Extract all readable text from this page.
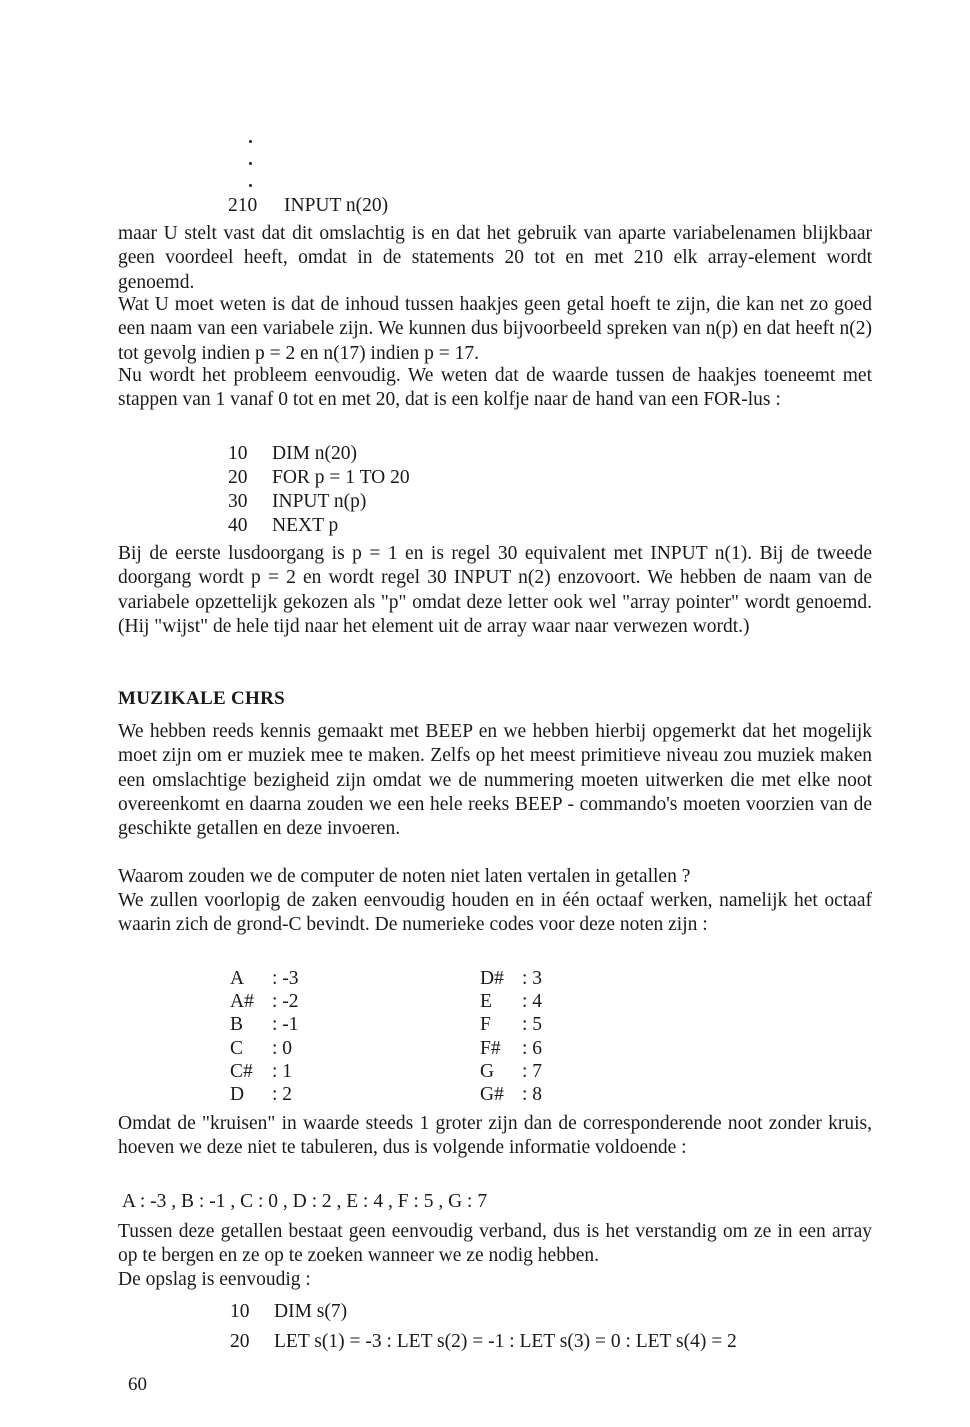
210 INPUT n(20)
maar U stelt vast dat dit omslachtig is en dat het gebruik van aparte variabelenamen blijkbaar geen voordeel heeft, omdat in de statements 20 tot en met 210 elk array-element wordt genoemd.
Wat U moet weten is dat de inhoud tussen haakjes geen getal hoeft te zijn, die kan net zo goed een naam van een variabele zijn. We kunnen dus bijvoorbeeld spreken van n(p) en dat heeft n(2) tot gevolg indien p = 2 en n(17) indien p = 17.
Nu wordt het probleem eenvoudig. We weten dat de waarde tussen de haakjes toeneemt met stappen van 1 vanaf 0 tot en met 20, dat is een kolfje naar de hand van een FOR-lus :
10 DIM n(20)
20 FOR p = 1 TO 20
30 INPUT n(p)
40 NEXT p
Bij de eerste lusdoorgang is p = 1 en is regel 30 equivalent met INPUT n(1). Bij de tweede doorgang wordt p = 2 en wordt regel 30 INPUT n(2) enzovoort. We hebben de naam van de variabele opzettelijk gekozen als "p" omdat deze letter ook wel "array pointer" wordt genoemd. (Hij "wijst" de hele tijd naar het element uit de array waar naar verwezen wordt.)
MUZIKALE CHRS
We hebben reeds kennis gemaakt met BEEP en we hebben hierbij opgemerkt dat het mogelijk moet zijn om er muziek mee te maken. Zelfs op het meest primitieve niveau zou muziek maken een omslachtige bezigheid zijn omdat we de nummering moeten uitwerken die met elke noot overeenkomt en daarna zouden we een hele reeks BEEP - commando's moeten voorzien van de geschikte getallen en deze invoeren.
Waarom zouden we de computer de noten niet laten vertalen in getallen ?
We zullen voorlopig de zaken eenvoudig houden en in één octaaf werken, namelijk het octaaf waarin zich de grond-C bevindt. De numerieke codes voor deze noten zijn :
A : -3
A# : -2
B : -1
C : 0
C# : 1
D : 2
D# : 3
E : 4
F : 5
F# : 6
G : 7
G# : 8
Omdat de "kruisen" in waarde steeds 1 groter zijn dan de corresponderende noot zonder kruis, hoeven we deze niet te tabuleren, dus is volgende informatie voldoende :
A : -3 , B : -1 , C : 0 , D : 2 , E : 4 , F : 5 , G : 7
Tussen deze getallen bestaat geen eenvoudig verband, dus is het verstandig om ze in een array op te bergen en ze op te zoeken wanneer we ze nodig hebben.
De opslag is eenvoudig :
10 DIM s(7)
20 LET s(1) = -3 : LET s(2) = -1 : LET s(3) = 0 : LET s(4) = 2
60
